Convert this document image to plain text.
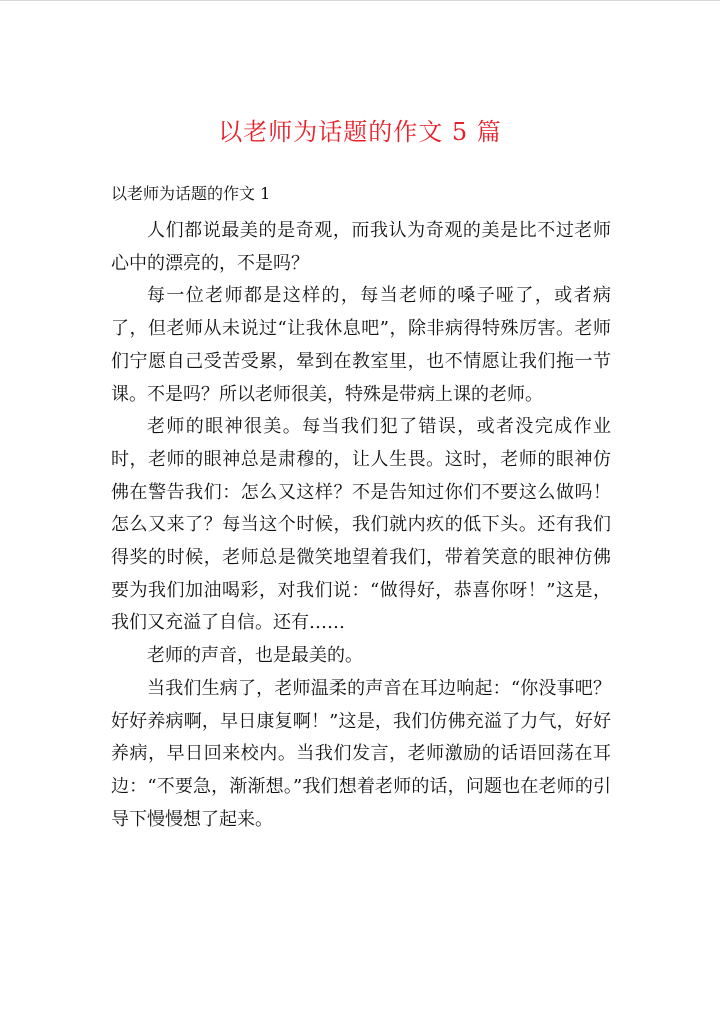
以老师为话题的作文 5 篇
以老师为话题的作文 1

人们都说最美的是奇观，而我认为奇观的美是比不过老师心中的漂亮的，不是吗？

每一位老师都是这样的，每当老师的嗓子哑了，或者病了，但老师从未说过“让我休息吧”，除非病得特殊厉害。老师们宁愿自己受苦受累，晕到在教室里，也不情愿让我们拖一节课。不是吗？所以老师很美，特殊是带病上课的老师。

老师的眼神很美。每当我们犯了错误，或者没完成作业时，老师的眼神总是肃穆的，让人生畏。这时，老师的眼神仿佛在警告我们：怎么又这样？不是告知过你们不要这么做吗！怎么又来了？每当这个时候，我们就内疚的低下头。还有我们得奖的时候，老师总是微笑地望着我们，带着笑意的眼神仿佛要为我们加油喝彩，对我们说：“做得好，恭喜你呀！”这是，我们又充溢了自信。还有……

老师的声音，也是最美的。

当我们生病了，老师温柔的声音在耳边响起：“你没事吧？好好养病啊，早日康复啊！”这是，我们仿佛充溢了力气，好好养病，早日回来校内。当我们发言，老师激励的话语回荡在耳边：“不要急，渐渐想。”我们想着老师的话，问题也在老师的引导下慢慢想了起来。
